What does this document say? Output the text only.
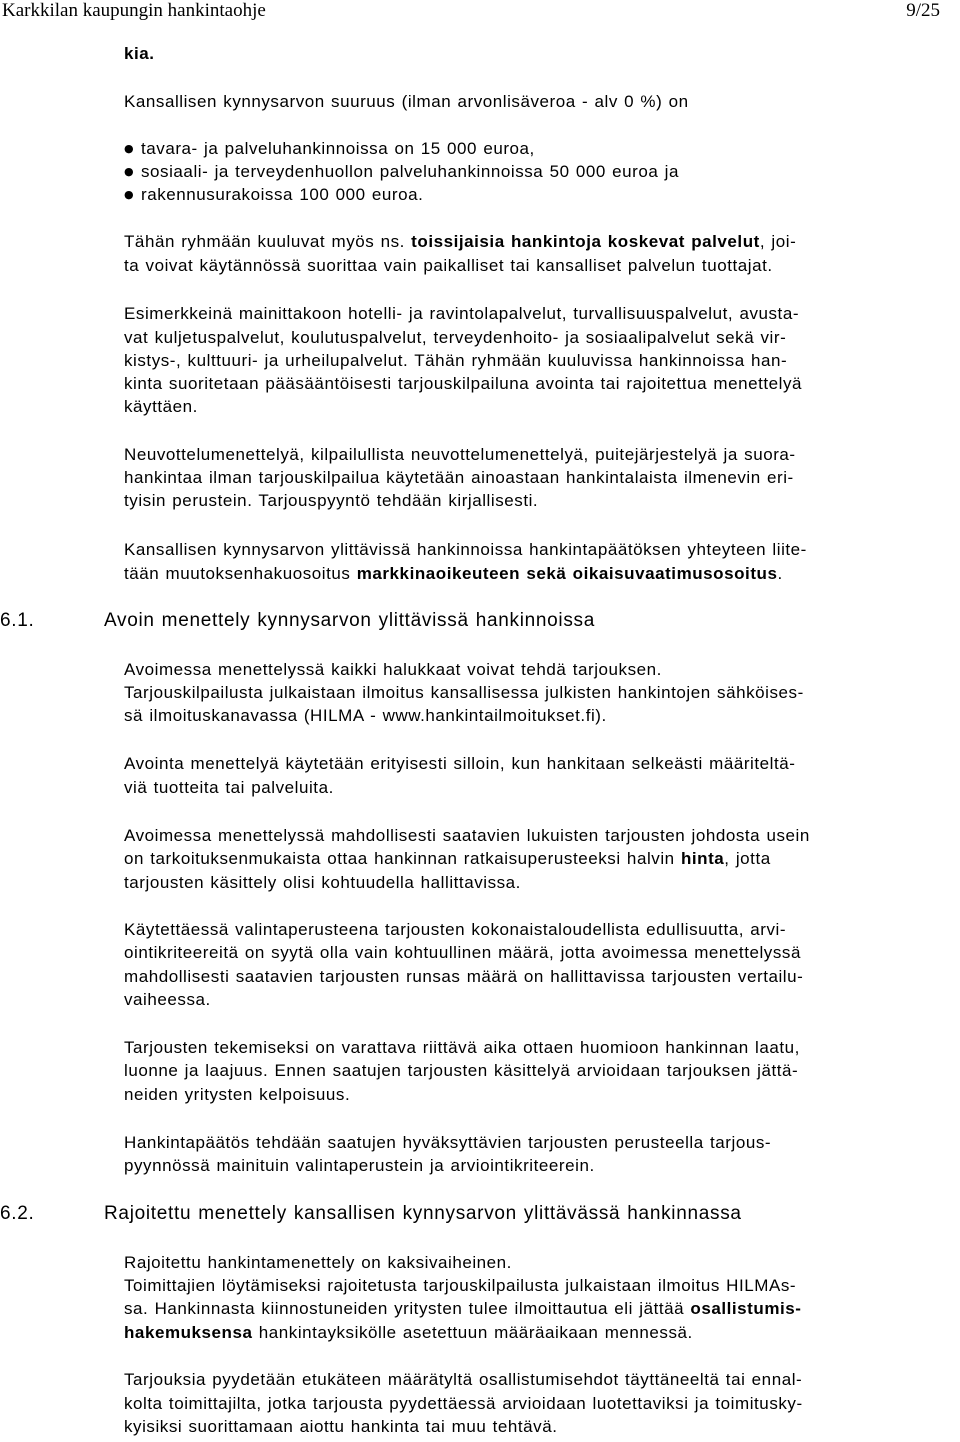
Karkkilan kaupungin hankintaohje	9/25

kia.

Kansallisen kynnysarvon suuruus (ilman arvonlisäveroa - alv 0 %) on

● tavara- ja palveluhankinnoissa on 15 000 euroa,

● sosiaali- ja terveydenhuollon palveluhankinnoissa 50 000 euroa ja

● rakennusurakoissa 100 000 euroa.

Tähän ryhmään kuuluvat myös ns. toissijaisia hankintoja koskevat palvelut, joi-

ta voivat käytännössä suorittaa vain paikalliset tai kansalliset palvelun tuottajat.

Esimerkkeinä mainittakoon hotelli- ja ravintolapalvelut, turvallisuuspalvelut, avusta-

vat kuljetuspalvelut, koulutuspalvelut, terveydenhoito- ja sosiaalipalvelut sekä vir-

kistys-, kulttuuri- ja urheilupalvelut. Tähän ryhmään kuuluvissa hankinnoissa han-

kinta suoritetaan pääsääntöisesti tarjouskilpailuna avointa tai rajoitettua menettelyä

käyttäen.

Neuvottelumenettelyä, kilpailullista neuvottelumenettelyä, puitejärjestelyä ja suora-

hankintaa ilman tarjouskilpailua käytetään ainoastaan hankintalaista ilmenevin eri-

tyisin perustein. Tarjouspyyntö tehdään kirjallisesti.

Kansallisen kynnysarvon ylittävissä hankinnoissa hankintapäätöksen yhteyteen liite-

tään muutoksenhakuosoitus markkinaoikeuteen sekä oikaisuvaatimusosoitus.

6.1.	Avoin menettely kynnysarvon ylittävissä hankinnoissa

Avoimessa menettelyssä kaikki halukkaat voivat tehdä tarjouksen.

Tarjouskilpailusta julkaistaan ilmoitus kansallisessa julkisten hankintojen sähköises-

sä ilmoituskanavassa (HILMA - www.hankintailmoitukset.fi).

Avointa menettelyä käytetään erityisesti silloin, kun hankitaan selkeästi määriteltä-

viä tuotteita tai palveluita.

Avoimessa menettelyssä mahdollisesti saatavien lukuisten tarjousten johdosta usein

on tarkoituksenmukaista ottaa hankinnan ratkaisuperusteeksi halvin hinta, jotta

tarjousten käsittely olisi kohtuudella hallittavissa.

Käytettäessä valintaperusteena tarjousten kokonaistaloudellista edullisuutta, arvi-

ointikriteereitä on syytä olla vain kohtuullinen määrä, jotta avoimessa menettelyssä

mahdollisesti saatavien tarjousten runsas määrä on hallittavissa tarjousten vertailu-

vaiheessa.

Tarjousten tekemiseksi on varattava riittävä aika ottaen huomioon hankinnan laatu,

luonne ja laajuus. Ennen saatujen tarjousten käsittelyä arvioidaan tarjouksen jättä-

neiden yritysten kelpoisuus.

Hankintapäätös tehdään saatujen hyväksyttävien tarjousten perusteella tarjous-

pyynnössä mainituin valintaperustein ja arviointikriteerein.

6.2.	Rajoitettu menettely kansallisen kynnysarvon ylittävässä hankinnassa

Rajoitettu hankintamenettely on kaksivaiheinen.

Toimittajien löytämiseksi rajoitetusta tarjouskilpailusta julkaistaan ilmoitus HILMAs-

sa. Hankinnasta kiinnostuneiden yritysten tulee ilmoittautua eli jättää osallistumis-

hakemuksensa hankintayksikölle asetettuun määräaikaan mennessä.

Tarjouksia pyydetään etukäteen määrätyltä osallistumisehdot täyttäneeltä tai ennal-

kolta toimittajilta, jotka tarjousta pyydettäessä arvioidaan luotettaviksi ja toimitusky-

kyisiksi suorittamaan aiottu hankinta tai muu tehtävä.
